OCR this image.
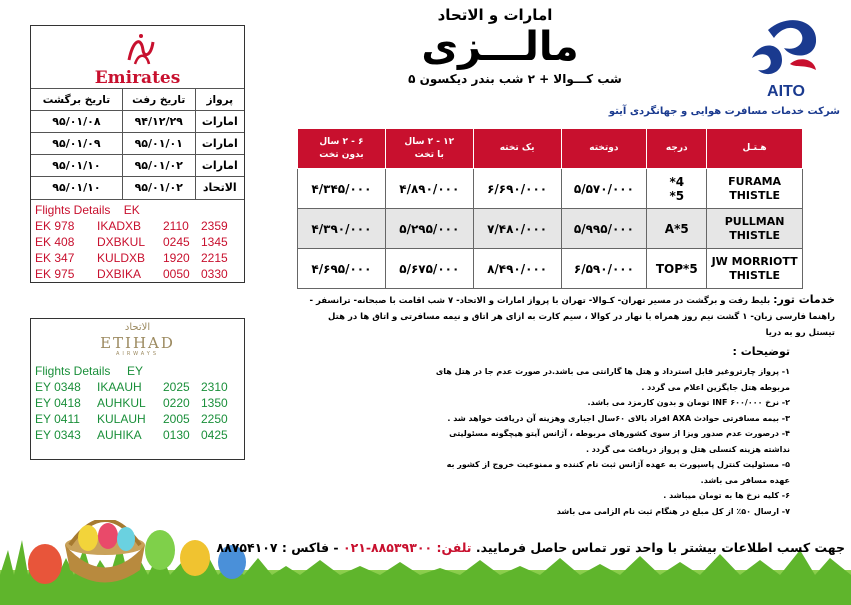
Emirates
پرواز	تاریخ رفت	تاریخ برگشت
امارات	۹۴/۱۲/۲۹	۹۵/۰۱/۰۸
امارات	۹۵/۰۱/۰۱	۹۵/۰۱/۰۹
امارات	۹۵/۰۱/۰۲	۹۵/۰۱/۱۰
الاتحاد	۹۵/۰۱/۰۲	۹۵/۰۱/۱۰
Flights Details    EK
EK 978	IKADXB	2110	2359
EK 408	DXBKUL	0245 1345
EK 347	KULDXB	1920 2215
EK 975	DXBIKA	0050 0330
الاتحاد
ETIHAD
AIRWAYS
Flights Details     EY
EY 0348	IKAAUH	2025 2310
EY 0418	AUHKUL	0220 1350
EY 0411	KULAUH	2005 2250
EY 0343	AUHIKA	0130 0425
امارات و الاتحاد
مالـــزی
۵ شب کـــوالا + ۲ شب بندر دیکسون
AITO
شرکت خدمات مسافرت هوایی و جهانگردی آیتو
هـتـل	درجه	دوتخته	یک تخته	۱۲ - ۲ سال
با تخت	۶ - ۲ سال
بدون تخت
FURAMA
THISTLE	4*
5*	۵/۵۷۰/۰۰۰	۶/۶۹۰/۰۰۰	۴/۸۹۰/۰۰۰	۴/۳۴۵/۰۰۰
PULLMAN
THISTLE	5*A	۵/۹۹۵/۰۰۰	۷/۴۸۰/۰۰۰	۵/۲۹۵/۰۰۰	۴/۳۹۰/۰۰۰
JW MORRIOTT
THISTLE	5*TOP	۶/۵۹۰/۰۰۰	۸/۴۹۰/۰۰۰	۵/۶۷۵/۰۰۰	۴/۶۹۵/۰۰۰
خدمات تور: بلیط رفت و برگشت در مسیر تهران- کـوالا- تهران با پرواز امارات و الاتحاد- ۷ شب اقامت با صبحانه- ترانسفر -
راهنما فارسی زبان- ۱ گشت نیم روز همراه با نهار در کوالا ، سیم کارت به ازای هر اتاق و نیمه مسافرتی و اتاق ها در هتل تیستل رو به دریا
توضیحات :
۱- پرواز چارتروغیر قابل استرداد و هتل ها گارانتی می باشد.در صورت عدم جا در هتل های مربوطه هتل جایگزین اعلام می گردد .
۲- نرخ INF ۶۰۰/۰۰۰ تومان و بدون کارمزد می باشد.
۳- بیمه مسافرتی حوادث AXA افراد بالای ۶۰سال اجباری وهزینه آن دریافت خواهد شد .
۴- درصورت عدم صدور ویزا از سوی کشورهای مربوطه ، آژانس آیتو هیچگونه مسئولیتی نداشته هزینه کنسلی هتل و پرواز دریافت می گردد .
۵- مسئولیت کنترل پاسپورت به عهده آژانس ثبت نام کننده و ممنوعیت خروج از کشور به عهده مسافر می باشد.
۶- کلیه نرخ ها به تومان میباشد .
۷- ارسال ۵۰٪ از کل مبلغ در هنگام ثبت نام الزامی می باشد
جهت کسب اطلاعات بیشتر با واحد تور تماس حاصل فرمایید. تلفن: ۸۸۵۳۹۳۰۰-۰۲۱ - فاکس : ۸۸۷۵۴۱۰۷
